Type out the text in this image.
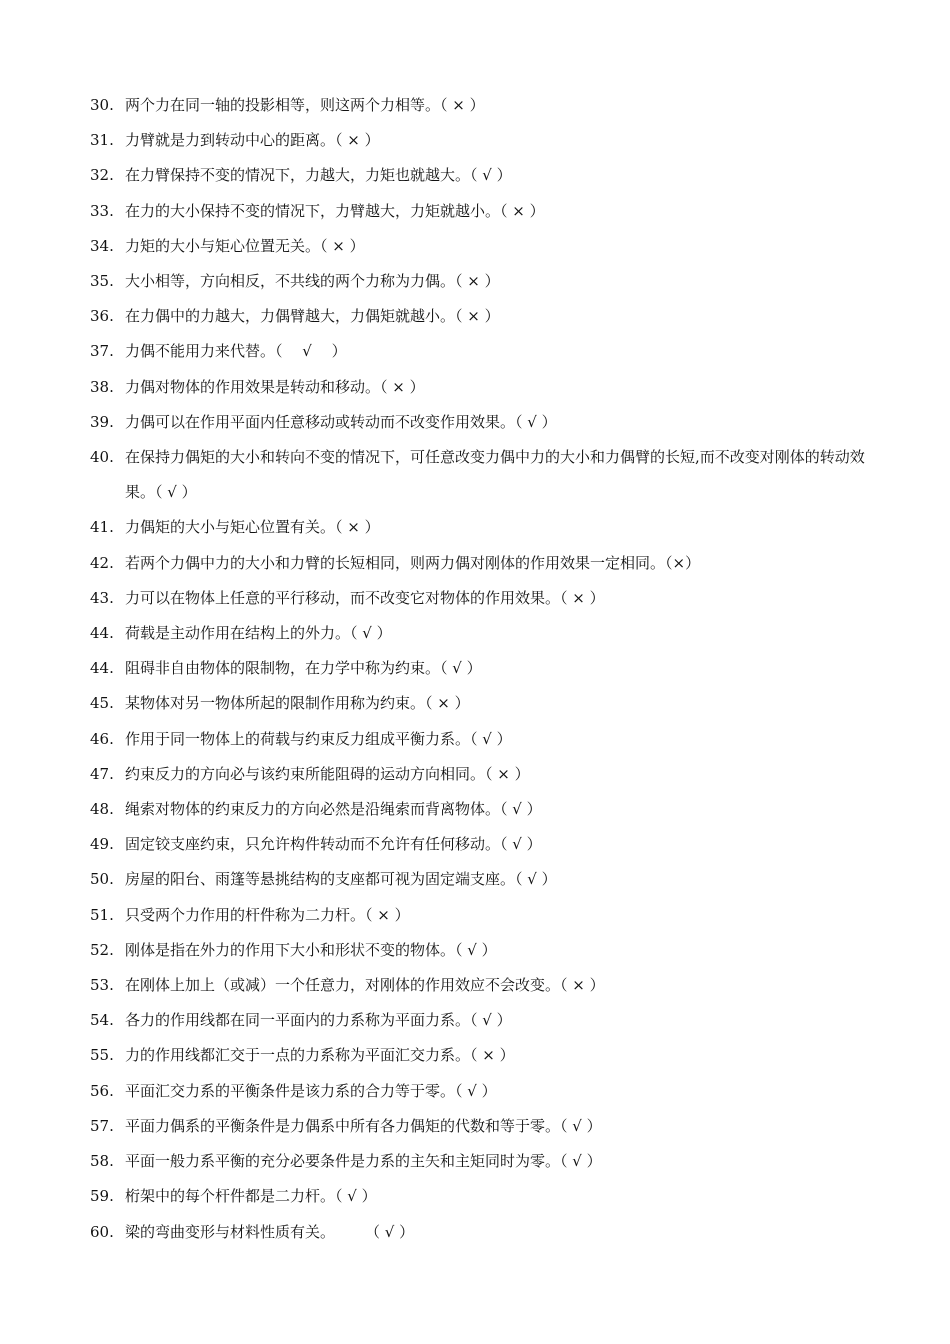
30. 两个力在同一轴的投影相等，则这两个力相等。（ × ）
31. 力臂就是力到转动中心的距离。（ × ）
32. 在力臂保持不变的情况下，力越大，力矩也就越大。（ √ ）
33. 在力的大小保持不变的情况下，力臂越大，力矩就越小。（ × ）
34. 力矩的大小与矩心位置无关。（ × ）
35. 大小相等，方向相反，不共线的两个力称为力偶。（ × ）
36. 在力偶中的力越大，力偶臂越大，力偶矩就越小。（ × ）
37. 力偶不能用力来代替。（　 √　 ）
38. 力偶对物体的作用效果是转动和移动。（ × ）
39. 力偶可以在作用平面内任意移动或转动而不改变作用效果。（ √ ）
40. 在保持力偶矩的大小和转向不变的情况下，可任意改变力偶中力的大小和力偶臂的长短,而不改变对刚体的转动效果。（ √ ）
41. 力偶矩的大小与矩心位置有关。（ × ）
42. 若两个力偶中力的大小和力臂的长短相同，则两力偶对刚体的作用效果一定相同。（×）
43. 力可以在物体上任意的平行移动，而不改变它对物体的作用效果。（ × ）
44. 荷载是主动作用在结构上的外力。（ √ ）
44. 阻碍非自由物体的限制物，在力学中称为约束。（ √ ）
45. 某物体对另一物体所起的限制作用称为约束。（ × ）
46. 作用于同一物体上的荷载与约束反力组成平衡力系。（ √ ）
47. 约束反力的方向必与该约束所能阻碍的运动方向相同。（ × ）
48. 绳索对物体的约束反力的方向必然是沿绳索而背离物体。（ √ ）
49. 固定铰支座约束，只允许构件转动而不允许有任何移动。（ √ ）
50. 房屋的阳台、雨篷等悬挑结构的支座都可视为固定端支座。（ √ ）
51. 只受两个力作用的杆件称为二力杆。（ × ）
52. 刚体是指在外力的作用下大小和形状不变的物体。（ √ ）
53. 在刚体上加上（或减）一个任意力，对刚体的作用效应不会改变。（ × ）
54. 各力的作用线都在同一平面内的力系称为平面力系。（ √ ）
55. 力的作用线都汇交于一点的力系称为平面汇交力系。（ × ）
56. 平面汇交力系的平衡条件是该力系的合力等于零。（ √ ）
57. 平面力偶系的平衡条件是力偶系中所有各力偶矩的代数和等于零。（ √ ）
58. 平面一般力系平衡的充分必要条件是力系的主矢和主矩同时为零。（ √ ）
59. 桁架中的每个杆件都是二力杆。（ √ ）
60. 梁的弯曲变形与材料性质有关。　　　（ √ ）
